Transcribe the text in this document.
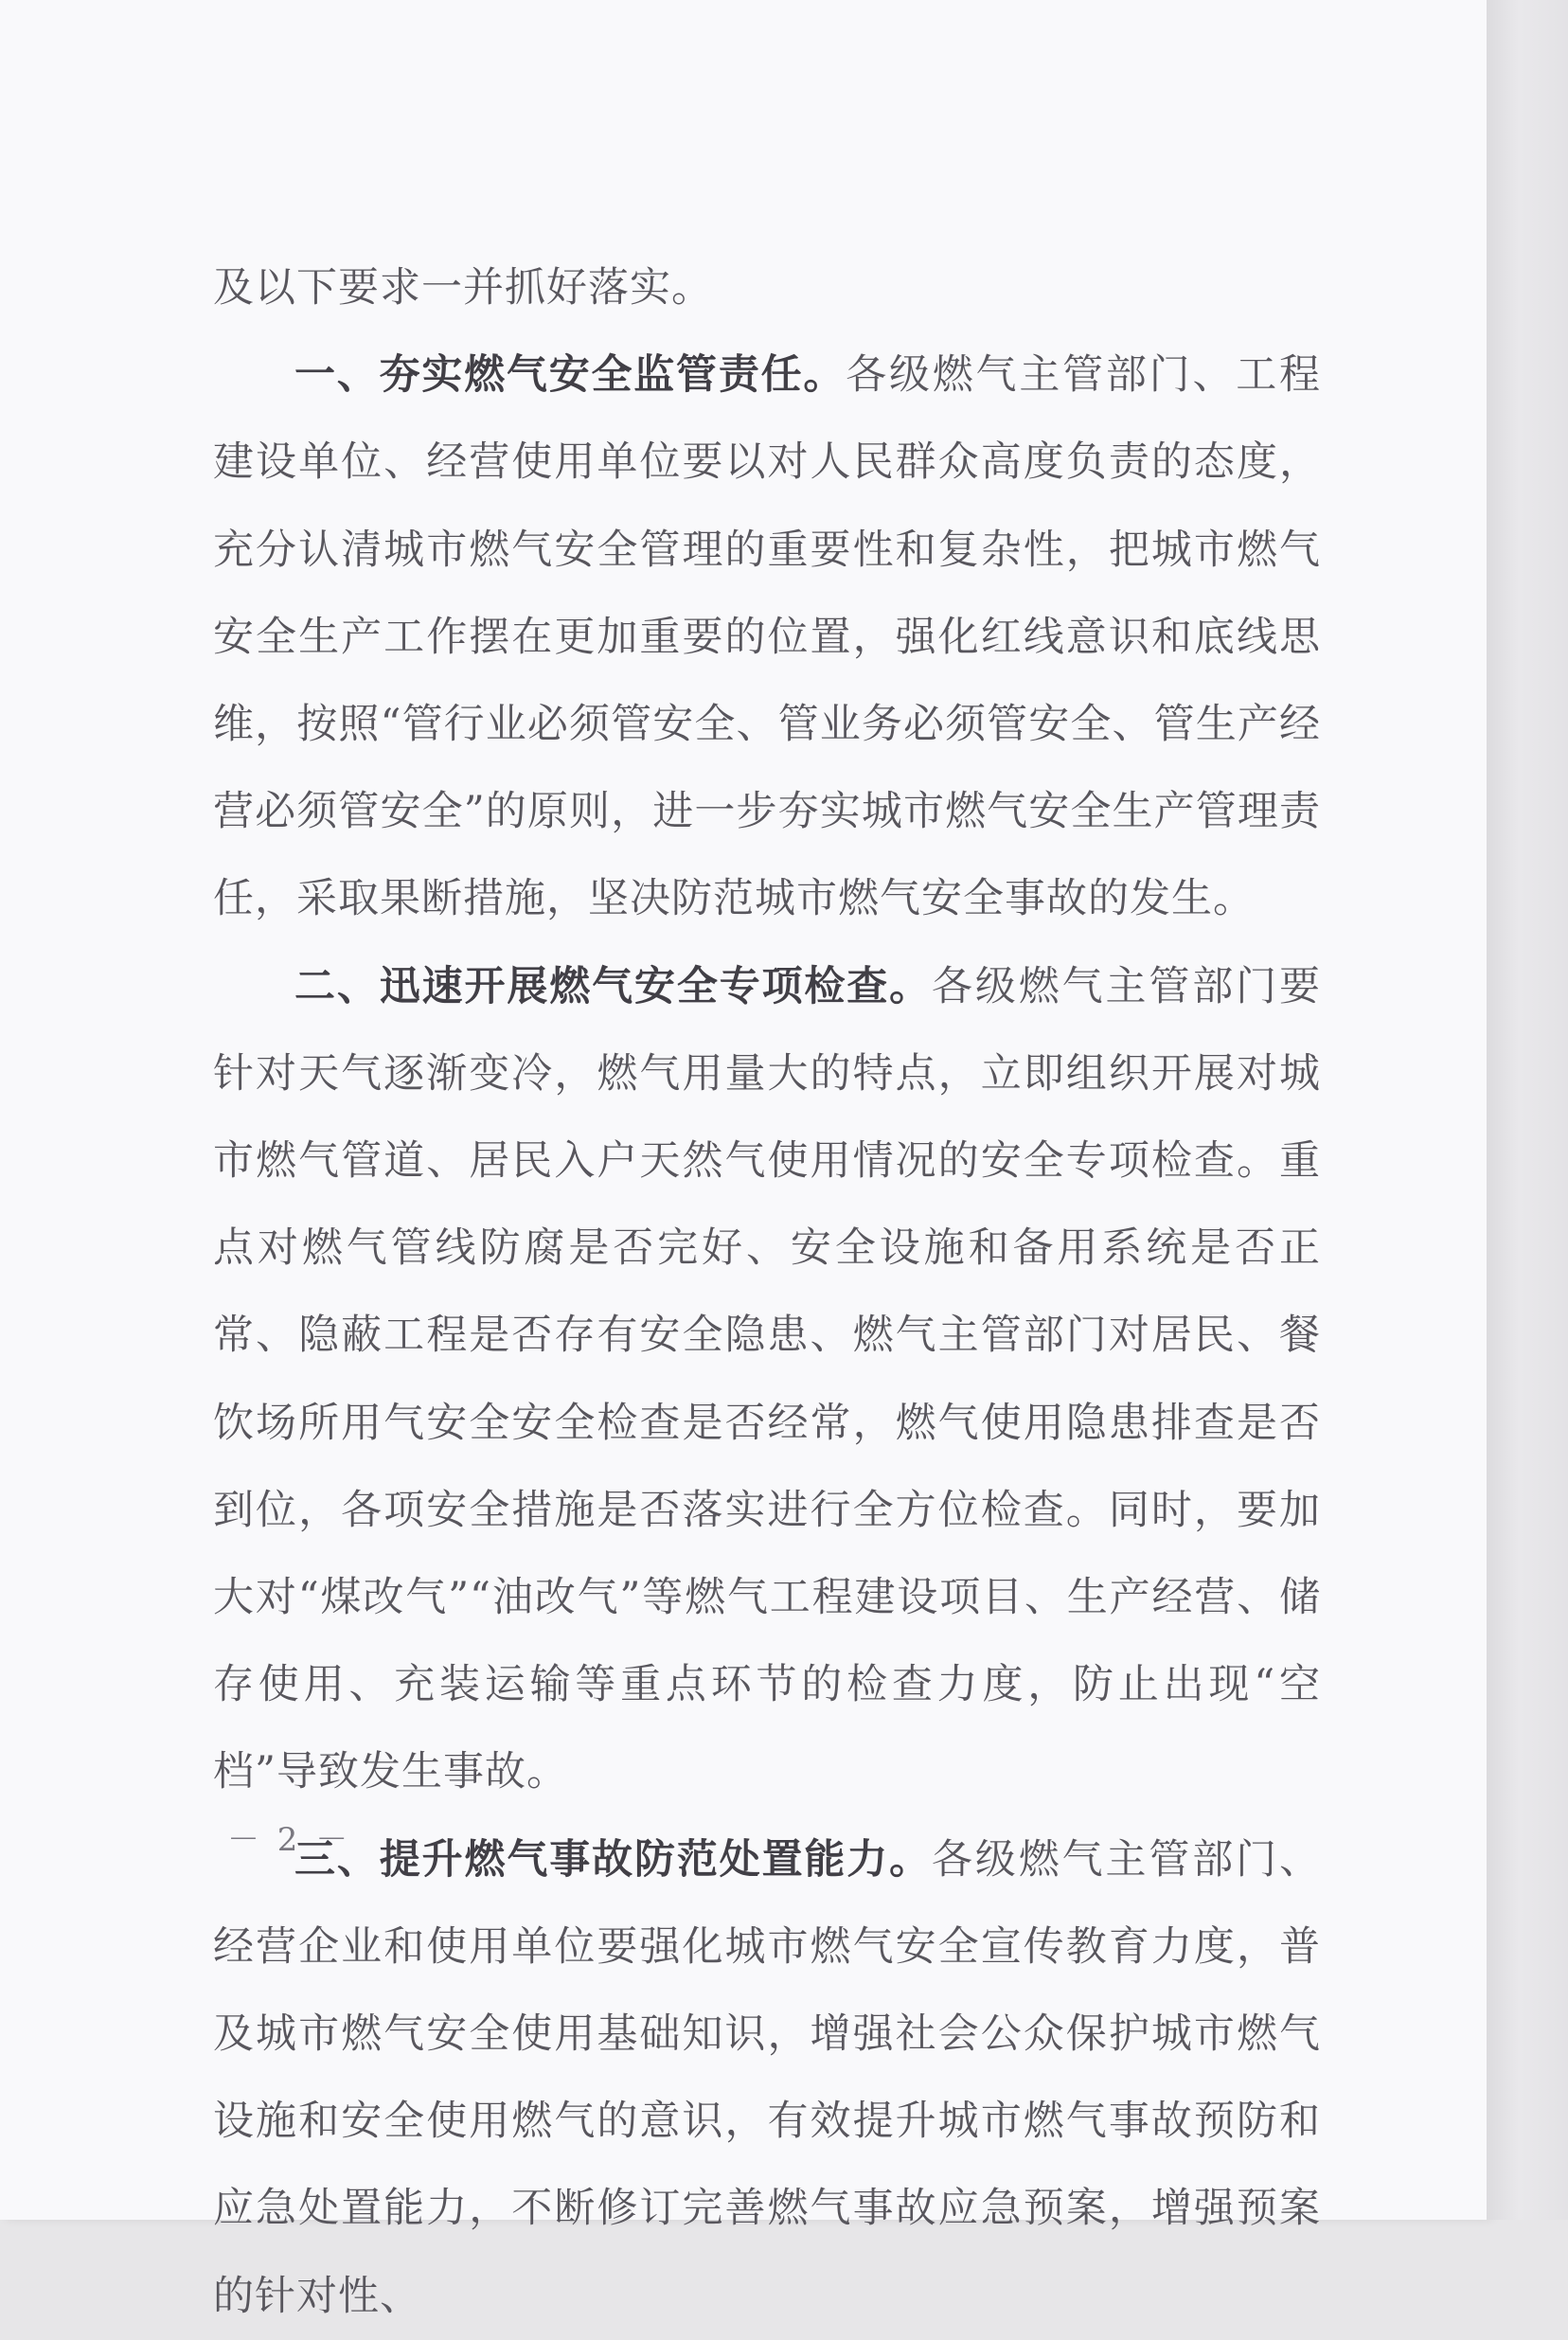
及以下要求一并抓好落实。

一、夯实燃气安全监管责任。各级燃气主管部门、工程建设单位、经营使用单位要以对人民群众高度负责的态度，充分认清城市燃气安全管理的重要性和复杂性，把城市燃气安全生产工作摆在更加重要的位置，强化红线意识和底线思维，按照“管行业必须管安全、管业务必须管安全、管生产经营必须管安全”的原则，进一步夯实城市燃气安全生产管理责任，采取果断措施，坚决防范城市燃气安全事故的发生。

二、迅速开展燃气安全专项检查。各级燃气主管部门要针对天气逐渐变冷，燃气用量大的特点，立即组织开展对城市燃气管道、居民入户天然气使用情况的安全专项检查。重点对燃气管线防腐是否完好、安全设施和备用系统是否正常、隐蔽工程是否存有安全隐患、燃气主管部门对居民、餐饮场所用气安全安全检查是否经常，燃气使用隐患排查是否到位，各项安全措施是否落实进行全方位检查。同时，要加大对“煤改气”“油改气”等燃气工程建设项目、生产经营、储存使用、充装运输等重点环节的检查力度，防止出现“空档”导致发生事故。

三、提升燃气事故防范处置能力。各级燃气主管部门、经营企业和使用单位要强化城市燃气安全宣传教育力度，普及城市燃气安全使用基础知识，增强社会公众保护城市燃气设施和安全使用燃气的意识，有效提升城市燃气事故预防和应急处置能力，不断修订完善燃气事故应急预案，增强预案的针对性、

－ 2 －
